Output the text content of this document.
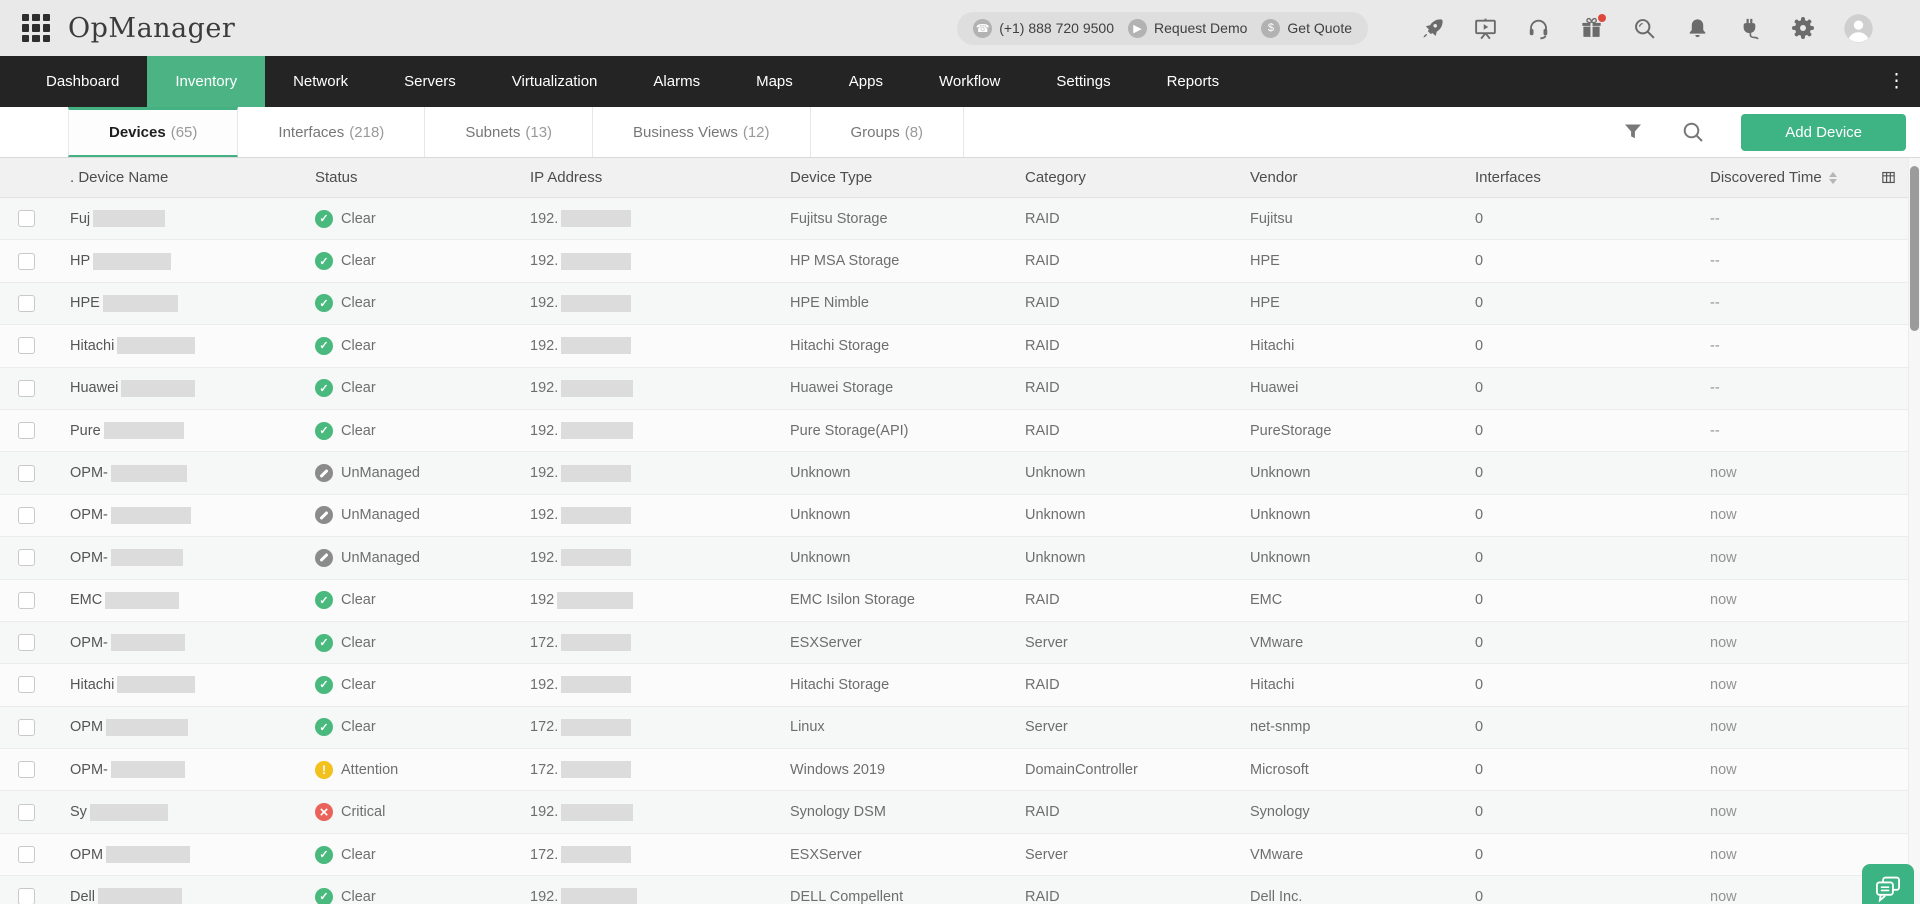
OpManager	☎ (+1) 888 720 9500	▶ Request Demo	$ Get Quote
Dashboard	Inventory	Network	Servers	Virtualization	Alarms	Maps	Apps	Workflow	Settings	Reports	⋮
Devices (65)	Interfaces (218)	Subnets (13)	Business Views (12)	Groups (8)	Add Device
. Device Name	Status	IP Address	Device Type	Category	Vendor	Interfaces	Discovered Time
Fuj ✓	Clear	192.	Fujitsu Storage	RAID	Fujitsu	0	--
HP ✓	Clear	192.	HP MSA Storage	RAID	HPE	0	--
HPE ✓	Clear	192.	HPE Nimble	RAID	HPE	0	--
Hitachi ✓	Clear	192.	Hitachi Storage	RAID	Hitachi	0	--
Huawei ✓	Clear	192.	Huawei Storage	RAID	Huawei	0	--
Pure ✓	Clear	192.	Pure Storage(API)	RAID	PureStorage	0	--
OPM-	UnManaged	192.	Unknown	Unknown	Unknown	0	now
OPM-	UnManaged	192.	Unknown	Unknown	Unknown	0	now
OPM-	UnManaged	192.	Unknown	Unknown	Unknown	0	now
EMC ✓	Clear	192	EMC Isilon Storage	RAID	EMC	0	now
OPM- ✓	Clear	172.	ESXServer	Server	VMware	0	now
Hitachi ✓	Clear	192.	Hitachi Storage	RAID	Hitachi	0	now
OPM ✓	Clear	172.	Linux	Server	net-snmp	0	now
OPM- !	Attention	172.	Windows 2019	DomainController	Microsoft	0	now
Sy ×	Critical	192.	Synology DSM	RAID	Synology	0	now
OPM ✓	Clear	172.	ESXServer	Server	VMware	0	now
Dell ✓	Clear	192.	DELL Compellent	RAID	Dell Inc.	0	now
